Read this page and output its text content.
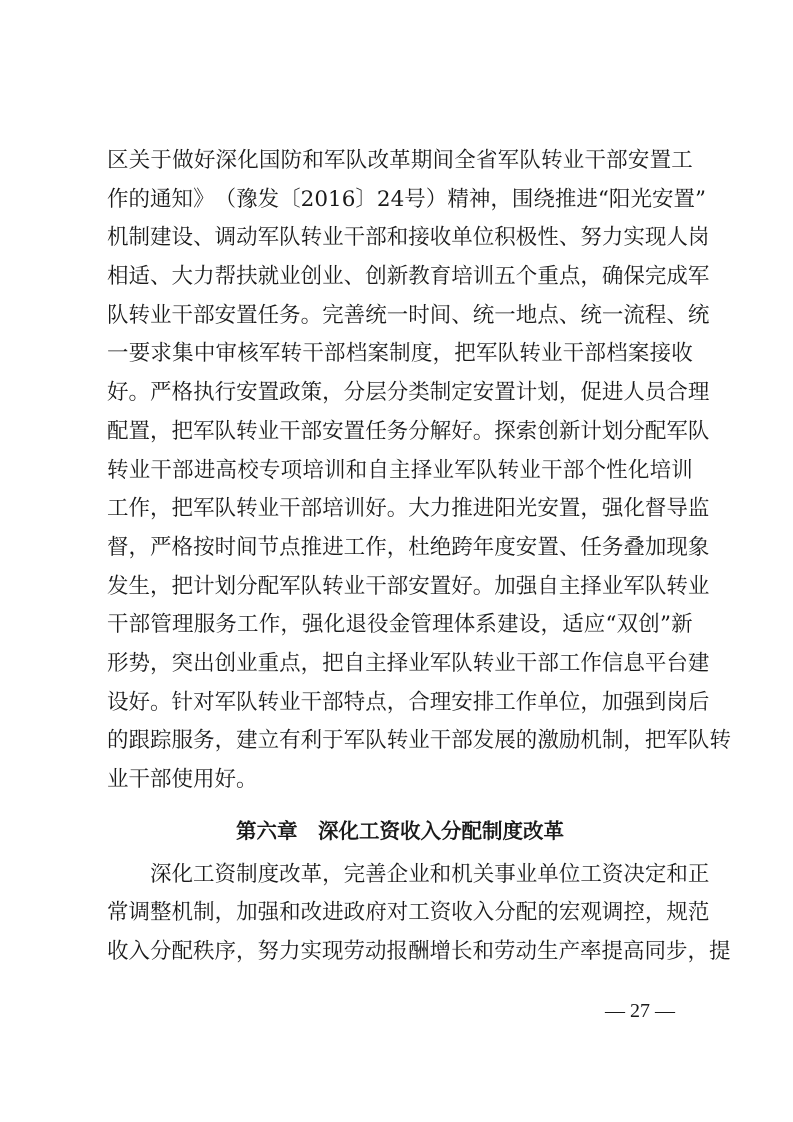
区 关 于 做 好 深 化 国 防 和 军 队 改 革 期 间 全 省 军 队 转 业 干 部 安 置 工
作 的 通 知 》 （ 豫 发 〔 2 0 1 6 〕 2 4 号 ） 精 神 ， 围 绕 推 进 “ 阳 光 安 置 ”
机 制 建 设 、 调 动 军 队 转 业 干 部 和 接 收 单 位 积 极 性 、 努 力 实 现 人 岗
相 适 、 大 力 帮 扶 就 业 创 业 、 创 新 教 育 培 训 五 个 重 点 ， 确 保 完 成 军
队 转 业 干 部 安 置 任 务 。 完 善 统 一 时 间 、 统 一 地 点 、 统 一 流 程 、 统
一 要 求 集 中 审 核 军 转 干 部 档 案 制 度 ， 把 军 队 转 业 干 部 档 案 接 收
好 。 严 格 执 行 安 置 政 策 ， 分 层 分 类 制 定 安 置 计 划 ， 促 进 人 员 合 理
配 置 ， 把 军 队 转 业 干 部 安 置 任 务 分 解 好 。 探 索 创 新 计 划 分 配 军 队
转 业 干 部 进 高 校 专 项 培 训 和 自 主 择 业 军 队 转 业 干 部 个 性 化 培 训
工 作 ， 把 军 队 转 业 干 部 培 训 好 。 大 力 推 进 阳 光 安 置 ， 强 化 督 导 监
督 ， 严 格 按 时 间 节 点 推 进 工 作 ， 杜 绝 跨 年 度 安 置 、 任 务 叠 加 现 象
发 生 ， 把 计 划 分 配 军 队 转 业 干 部 安 置 好 。 加 强 自 主 择 业 军 队 转 业
干 部 管 理 服 务 工 作 ， 强 化 退 役 金 管 理 体 系 建 设 ， 适 应 “ 双 创 ” 新
形 势 ， 突 出 创 业 重 点 ， 把 自 主 择 业 军 队 转 业 干 部 工 作 信 息 平 台 建
设 好 。 针 对 军 队 转 业 干 部 特 点 ， 合 理 安 排 工 作 单 位 ， 加 强 到 岗 后
的 跟 踪 服 务 ， 建 立 有 利 于 军 队 转 业 干 部 发 展 的 激 励 机 制 ， 把 军 队 转
业干部使用好。
第六章　深化工资收入分配制度改革
深 化 工 资 制 度 改 革 ， 完 善 企 业 和 机 关 事 业 单 位 工 资 决 定 和 正
常 调 整 机 制 ， 加 强 和 改 进 政 府 对 工 资 收 入 分 配 的 宏 观 调 控 ， 规 范
收入分配秩序，努力实现劳动报酬增长和劳动生产率提高同步，提
— 27 —
